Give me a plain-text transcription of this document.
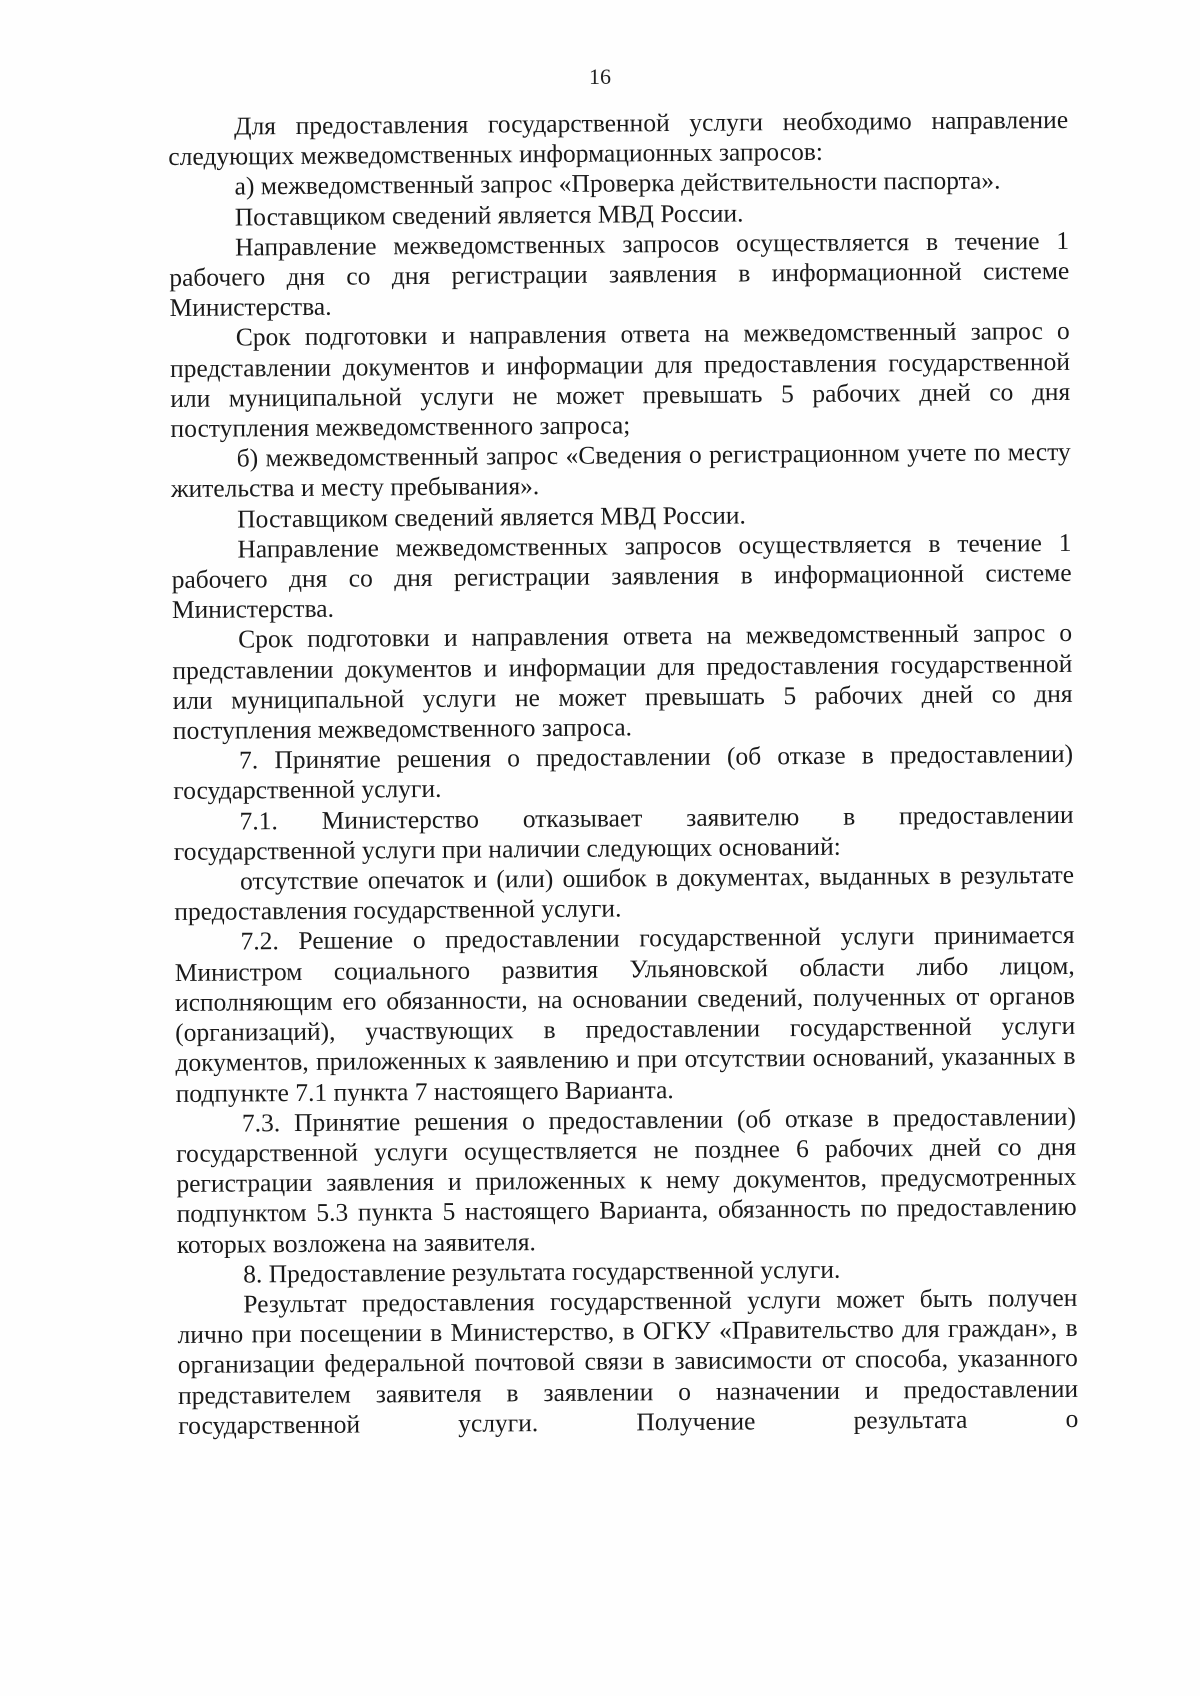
16

Для предоставления государственной услуги необходимо направление следующих межведомственных информационных запросов:

а) межведомственный запрос «Проверка действительности паспорта».

Поставщиком сведений является МВД России.

Направление межведомственных запросов осуществляется в течение 1 рабочего дня со дня регистрации заявления в информационной системе Министерства.

Срок подготовки и направления ответа на межведомственный запрос о представлении документов и информации для предоставления государственной или муниципальной услуги не может превышать 5 рабочих дней со дня поступления межведомственного запроса;

б) межведомственный запрос «Сведения о регистрационном учете по месту жительства и месту пребывания».

Поставщиком сведений является МВД России.

Направление межведомственных запросов осуществляется в течение 1 рабочего дня со дня регистрации заявления в информационной системе Министерства.

Срок подготовки и направления ответа на межведомственный запрос о представлении документов и информации для предоставления государственной или муниципальной услуги не может превышать 5 рабочих дней со дня поступления межведомственного запроса.

7. Принятие решения о предоставлении (об отказе в предоставлении) государственной услуги.

7.1. Министерство отказывает заявителю в предоставлении государственной услуги при наличии следующих оснований:

отсутствие опечаток и (или) ошибок в документах, выданных в результате предоставления государственной услуги.

7.2. Решение о предоставлении государственной услуги принимается Министром социального развития Ульяновской области либо лицом, исполняющим его обязанности, на основании сведений, полученных от органов (организаций), участвующих в предоставлении государственной услуги документов, приложенных к заявлению и при отсутствии оснований, указанных в подпункте 7.1 пункта 7 настоящего Варианта.

7.3. Принятие решения о предоставлении (об отказе в предоставлении) государственной услуги осуществляется не позднее 6 рабочих дней со дня регистрации заявления и приложенных к нему документов, предусмотренных подпунктом 5.3 пункта 5 настоящего Варианта, обязанность по предоставлению которых возложена на заявителя.

8. Предоставление результата государственной услуги.

Результат предоставления государственной услуги может быть получен лично при посещении в Министерство, в ОГКУ «Правительство для граждан», в организации федеральной почтовой связи в зависимости от способа, указанного представителем заявителя в заявлении о назначении и предоставлении государственной услуги. Получение результата о
